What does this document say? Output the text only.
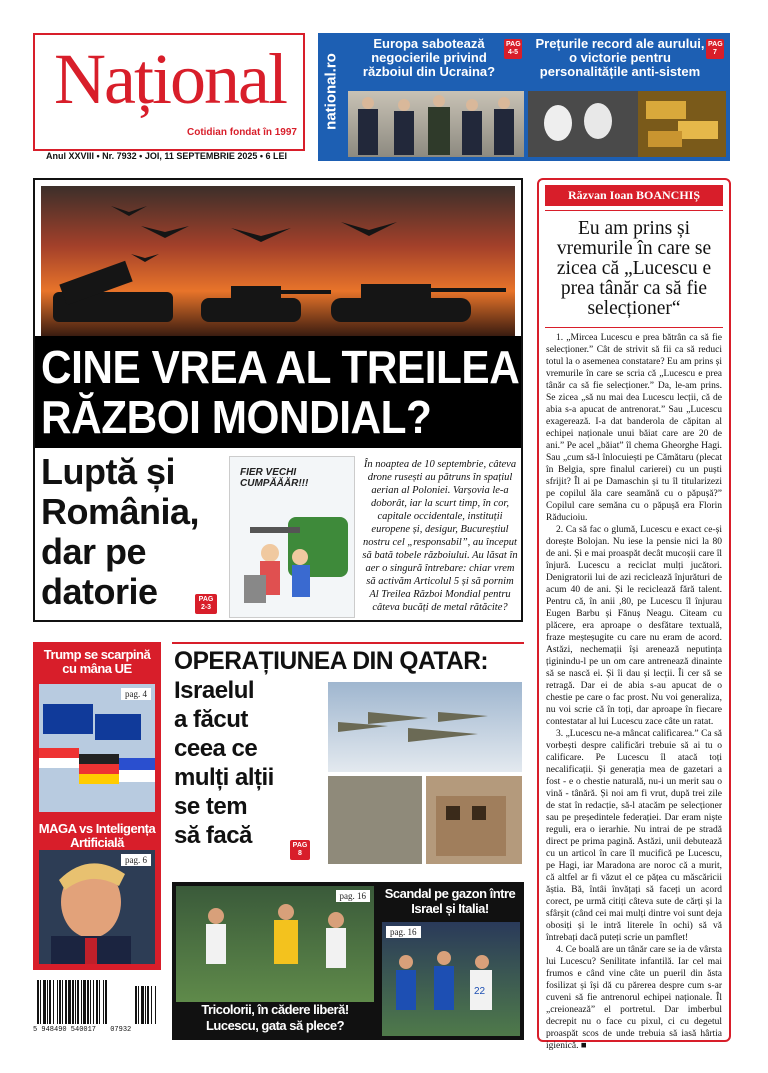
Național
Cotidian fondat în 1997
Anul XXVIII • Nr. 7932 • JOI, 11 SEPTEMBRIE 2025 • 6 LEI
national.ro
Europa sabotează negocierile privind războiul din Ucraina?
PAG 4-5
Prețurile record ale aurului, o victorie pentru personalitățile anti-sistem
PAG 7
CINE VREA AL TREILEA
RĂZBOI MONDIAL?
Luptă și
România,
dar pe
datorie	PAG 2-3
FIER VECHI CUMPĂĂĂR!!!
În noaptea de 10 septembrie, câteva drone rusești au pătruns în spațiul aerian al Poloniei. Varșovia le-a doborât, iar la scurt timp, în cor, capitale occidentale, instituții europene și, desigur, Bucureștiul nostru cel „responsabil”, au început să bată tobele războiului. Au lăsat în aer o singură întrebare: chiar vrem să activăm Articolul 5 și să pornim Al Treilea Război Mondial pentru câteva bucăți de metal rătăcite?
Trump se scarpină cu mâna UE
pag. 4
MAGA vs Inteligența Artificială
pag. 6
OPERAȚIUNEA DIN QATAR:
Israelul
a făcut
ceea ce
mulți alții
se tem
să facă	PAG 8
pag. 16
Tricolorii, în cădere liberă! Lucescu, gata să plece?
Scandal pe gazon între Israel și Italia!
22
pag. 16
5 948490 540017 07932
Răzvan Ioan BOANCHIȘ
Eu am prins și vremurile în care se zicea că „Lucescu e prea tânăr ca să fie selecționer“

1. „Mircea Lucescu e prea bătrân ca să fie selecționer.” Cât de strivit să fii ca să reduci totul la o asemenea constatare? Eu am prins și vremurile în care se scria că „Lucescu e prea tânăr ca să fie selecționer.” Da, le-am prins. Se zicea „să nu mai dea Lucescu lecții, că de abia s-a apucat de antrenorat.” Sau „Lucescu exagerează. I-a dat banderola de căpitan al echipei naționale unui băiat care are 20 de ani.” Pe acel „băiat” îl chema Gheorghe Hagi. Sau „cum să-l înlocuiești pe Cămătaru (plecat în Belgia, spre finalul carierei) cu un puști sfrijit? Îl ai pe Damaschin și tu îl titularizezi pe copilul ăla care seamănă cu o păpușă?” Copilul care semăna cu o păpușă era Florin Răducioiu.

2. Ca să fac o glumă, Lucescu e exact ce-și dorește Bolojan. Nu iese la pensie nici la 80 de ani. Și e mai proaspăt decât mucoșii care îl înjură. Lucescu a reciclat mulți jucători. Denigratorii lui de azi reciclează înjurături de acum 40 de ani. Și le reciclează fără talent. Pentru că, în anii ,80, pe Lucescu îl înjurau Eugen Barbu și Fănuș Neagu. Citeam cu plăcere, era aproape o desfătare textuală, fraze meșteșugite cu care nu eram de acord. Astăzi, nechemații își arenează neputința țiginindu-l pe un om care antrenează dinainte să se nască ei. Și îi dau și lecții. Îi cer să se retragă. Dar ei de abia s-au apucat de o chestie pe care o fac prost. Nu voi generaliza, nu voi scrie că în toți, dar aproape în fiecare contestatar al lui Lucescu zace câte un ratat.

3. „Lucescu ne-a mâncat calificarea.” Ca să vorbești despre calificări trebuie să ai tu o calificare. Pe Lucescu îl atacă toți necalificații. Și generația mea de gazetari a fost - e o chestie naturală, nu-i un merit sau o vină - tânără. Și noi am fi vrut, după trei zile de stat în redacție, să-l atacăm pe selecționer sau pe președintele federației. Dar eram niște reguli, era o ierarhie. Nu intrai de pe stradă direct pe prima pagină. Astăzi, unii debutează cu un articol în care îl mucifică pe Lucescu, pe Hagi, iar Maradona are noroc că a murit, că altfel ar fi văzut el ce pățea cu măscăricii ăștia. Bă, întâi învățați să faceți un acord corect, pe urmă citiți câteva sute de cărți și la sfârșit (când cei mai mulți dintre voi sunt deja obosiți și le intră literele în ochi) să vă întrebați dacă puteți scrie un pamflet!

4. Ce boală are un tânăr care se ia de vârsta lui Lucescu? Senilitate infantilă. Iar cel mai frumos e când vine câte un pueril din ăsta fosilizat și își dă cu părerea despre cum s-ar cuveni să fie antrenorul echipei naționale. Îl „creionează” el portretul. Dar imberbul decrepit nu o face cu pixul, ci cu degetul proaspăt scos de unde trebuia să iasă hârtia igienică. ■
